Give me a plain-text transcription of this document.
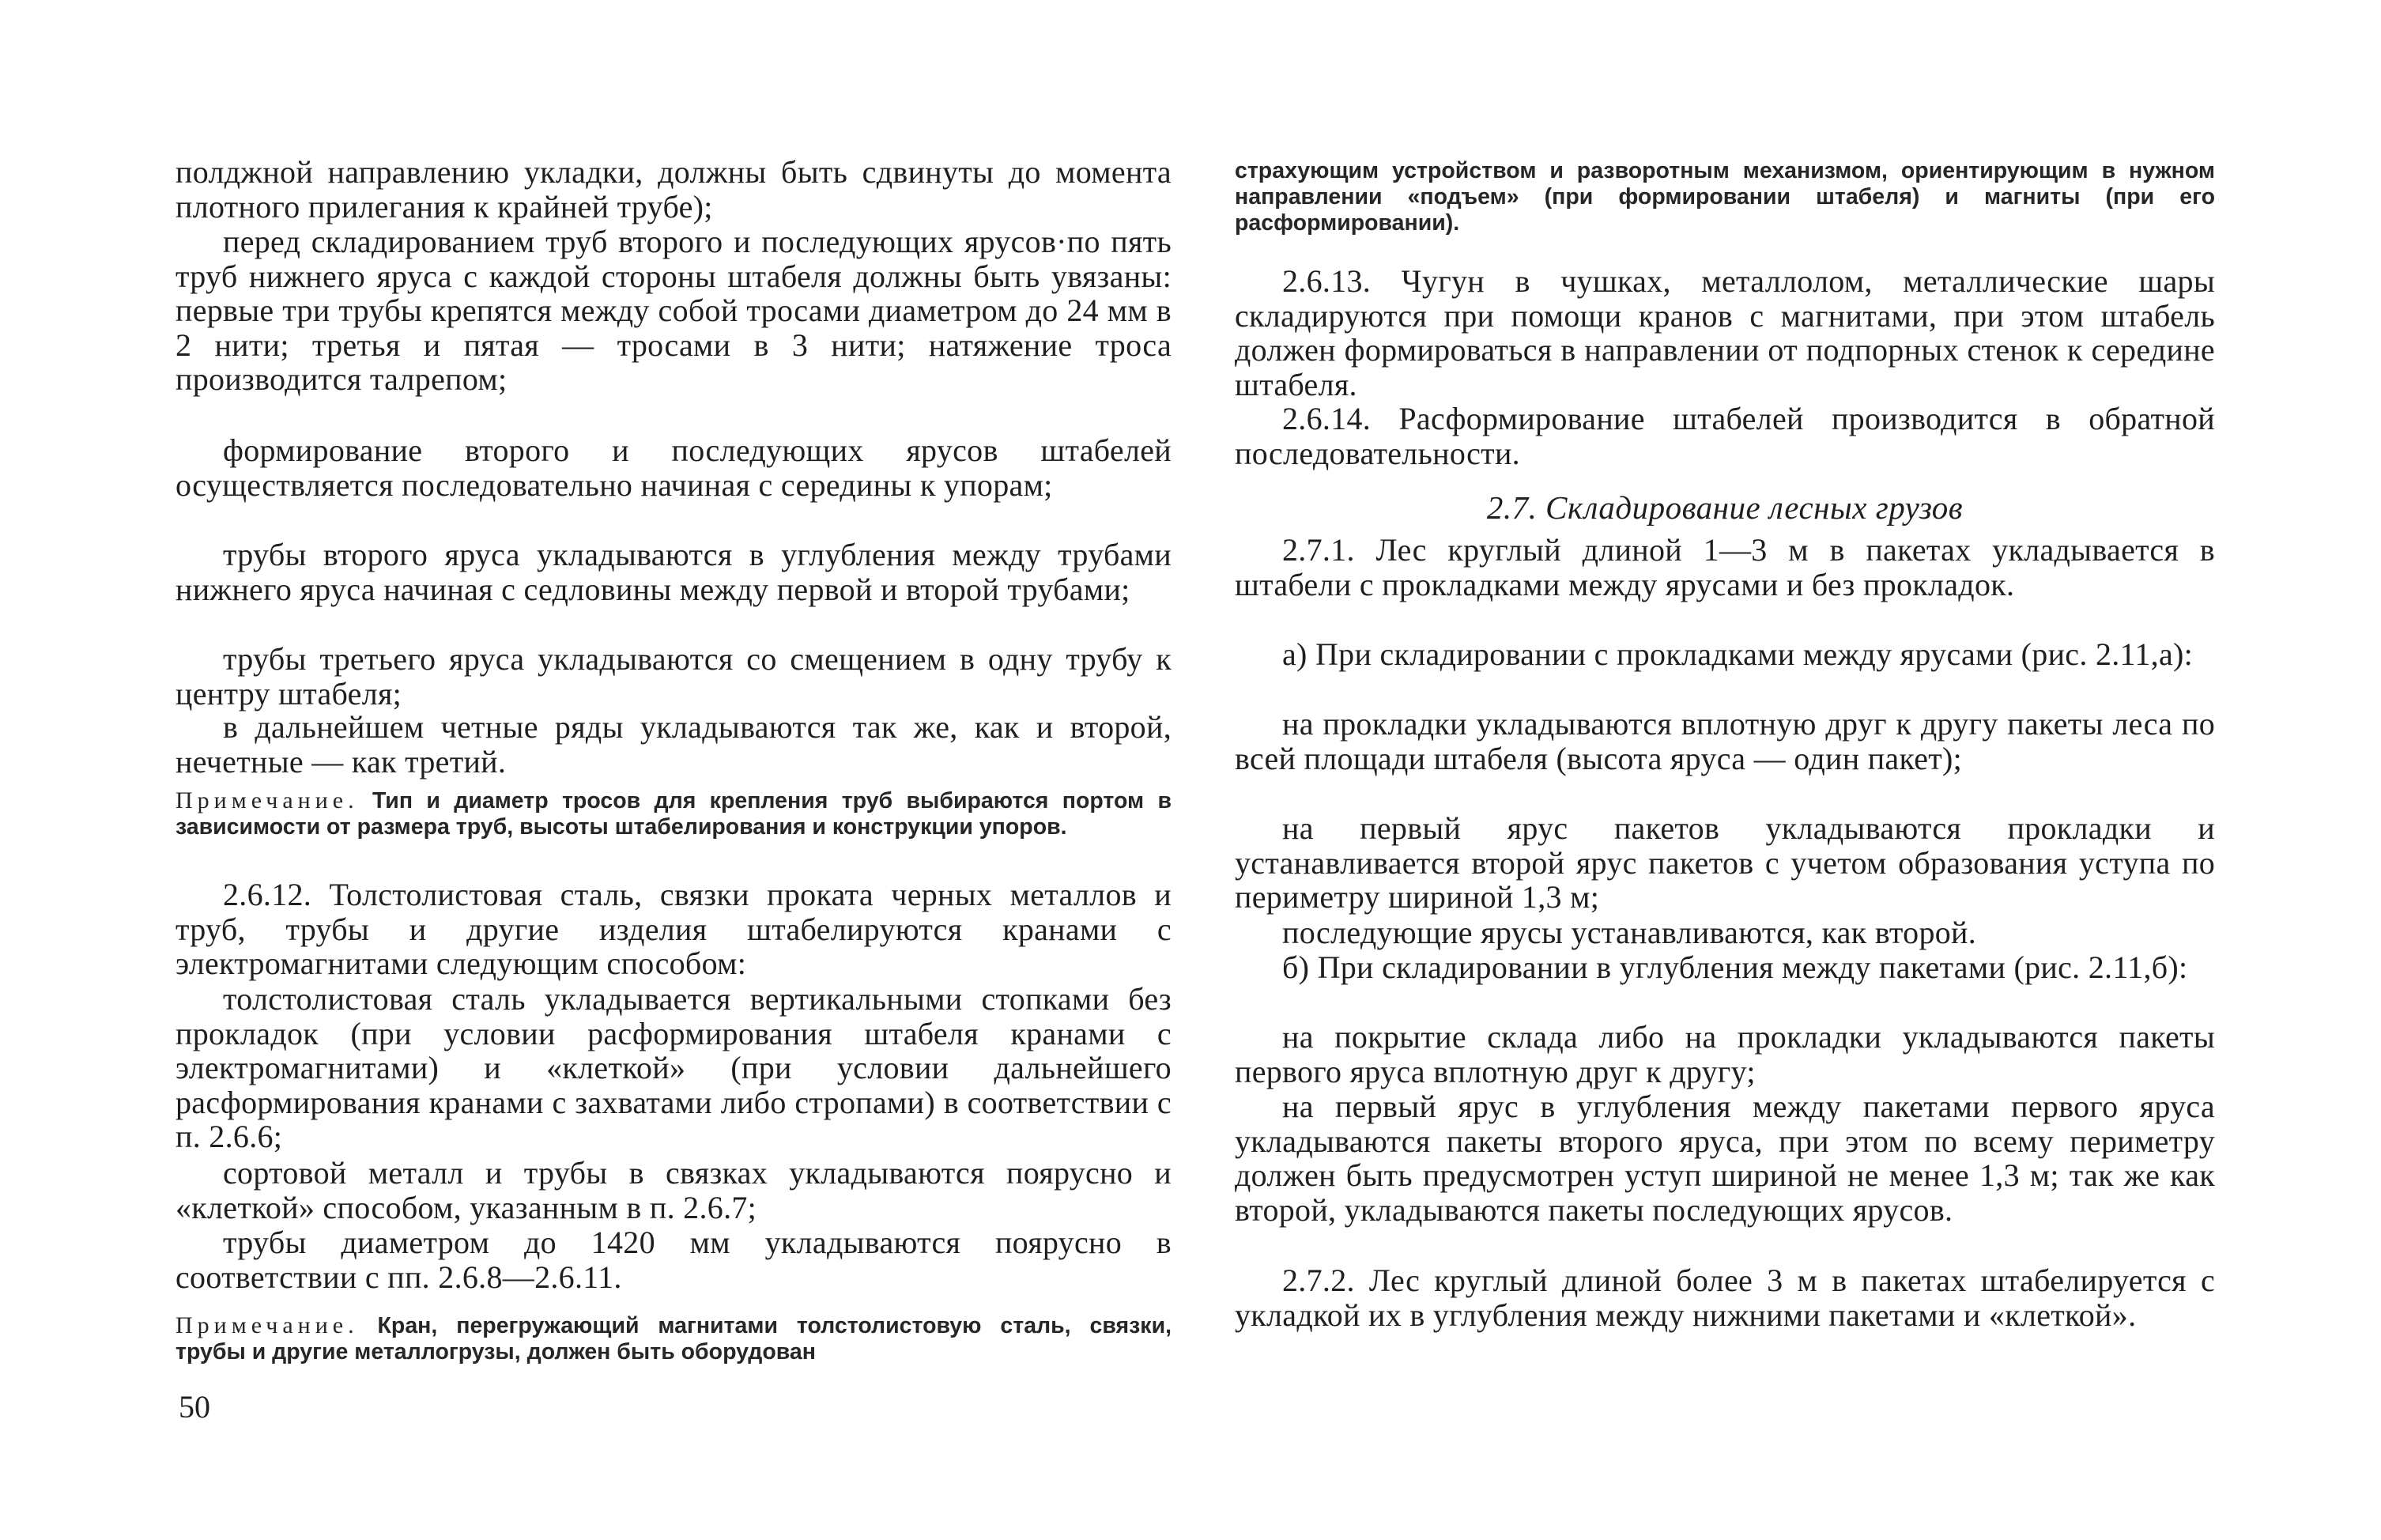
полджной направлению укладки, должны быть сдвинуты до момента плотного прилегания к крайней трубе);

перед складированием труб второго и последующих ярусов·по пять труб нижнего яруса с каждой стороны штабеля должны быть увязаны: первые три трубы крепятся между собой тросами диаметром до 24 мм в 2 нити; третья и пятая — тросами в 3 нити; натяжение троса производится талрепом;

формирование второго и последующих ярусов штабелей осуществляется последовательно начиная с середины к упорам;

трубы второго яруса укладываются в углубления между трубами нижнего яруса начиная с седловины между первой и второй трубами;

трубы третьего яруса укладываются со смещением в одну трубу к центру штабеля;

в дальнейшем четные ряды укладываются так же, как и второй, нечетные — как третий.

Примечание. Тип и диаметр тросов для крепления труб выбираются портом в зависимости от размера труб, высоты штабелирования и конструкции упоров.

2.6.12. Толстолистовая сталь, связки проката черных металлов и труб, трубы и другие изделия штабелируются кранами с электромагнитами следующим способом:

толстолистовая сталь укладывается вертикальными стопками без прокладок (при условии расформирования штабеля кранами с электромагнитами) и «клеткой» (при условии дальнейшего расформирования кранами с захватами либо стропами) в соответствии с п. 2.6.6;

сортовой металл и трубы в связках укладываются поярусно и «клеткой» способом, указанным в п. 2.6.7;

трубы диаметром до 1420 мм укладываются поярусно в соответствии с пп. 2.6.8—2.6.11.

Примечание. Кран, перегружающий магнитами толстолистовую сталь, связки, трубы и другие металлогрузы, должен быть оборудован

50

страхующим устройством и разворотным механизмом, ориентирующим в нужном направлении «подъем» (при формировании штабеля) и магниты (при его расформировании).

2.6.13. Чугун в чушках, металлолом, металлические шары складируются при помощи кранов с магнитами, при этом штабель должен формироваться в направлении от подпорных стенок к середине штабеля.

2.6.14. Расформирование штабелей производится в обратной последовательности.

2.7. Складирование лесных грузов

2.7.1. Лес круглый длиной 1—3 м в пакетах укладывается в штабели с прокладками между ярусами и без прокладок.

а) При складировании с прокладками между ярусами (рис. 2.11,а):

на прокладки укладываются вплотную друг к другу пакеты леса по всей площади штабеля (высота яруса — один пакет);

на первый ярус пакетов укладываются прокладки и устанавливается второй ярус пакетов с учетом образования уступа по периметру шириной 1,3 м;

последующие ярусы устанавливаются, как второй.

б) При складировании в углубления между пакетами (рис. 2.11,б):

на покрытие склада либо на прокладки укладываются пакеты первого яруса вплотную друг к другу;

на первый ярус в углубления между пакетами первого яруса укладываются пакеты второго яруса, при этом по всему периметру должен быть предусмотрен уступ шириной не менее 1,3 м; так же как второй, укладываются пакеты последующих ярусов.

2.7.2. Лес круглый длиной более 3 м в пакетах штабелируется с укладкой их в углубления между нижними пакетами и «клеткой».
